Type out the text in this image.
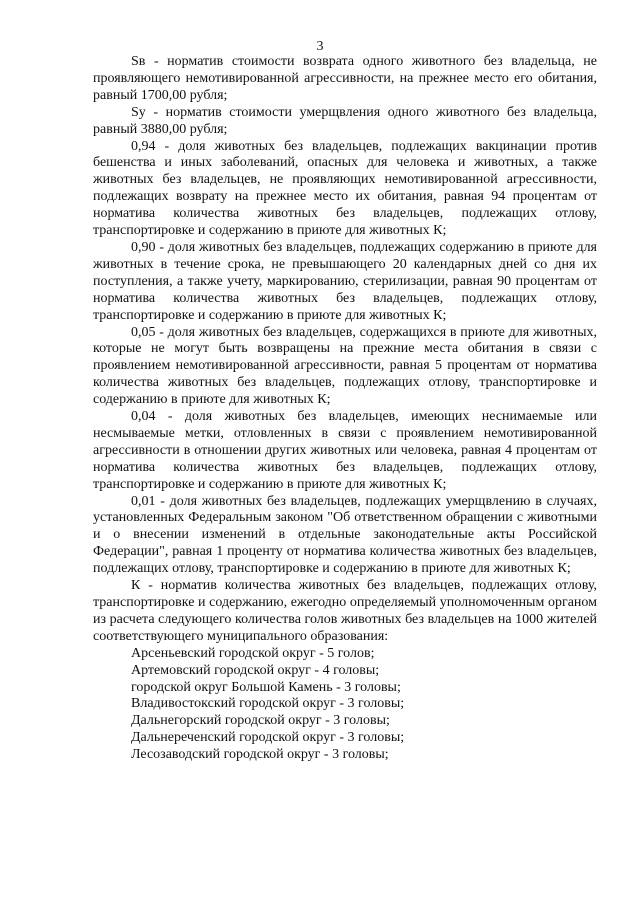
3

Sв - норматив стоимости возврата одного животного без владельца, не проявляющего немотивированной агрессивности, на прежнее место его обитания, равный 1700,00 рубля;

Sу - норматив стоимости умерщвления одного животного без владельца, равный 3880,00 рубля;

0,94 - доля животных без владельцев, подлежащих вакцинации против бешенства и иных заболеваний, опасных для человека и животных, а также животных без владельцев, не проявляющих немотивированной агрессивности, подлежащих возврату на прежнее место их обитания, равная 94 процентам от норматива количества животных без владельцев, подлежащих отлову, транспортировке и содержанию в приюте для животных К;

0,90 - доля животных без владельцев, подлежащих содержанию в приюте для животных в течение срока, не превышающего 20 календарных дней со дня их поступления, а также учету, маркированию, стерилизации, равная 90 процентам от норматива количества животных без владельцев, подлежащих отлову, транспортировке и содержанию в приюте для животных К;

0,05 - доля животных без владельцев, содержащихся в приюте для животных, которые не могут быть возвращены на прежние места обитания в связи с проявлением немотивированной агрессивности, равная 5 процентам от норматива количества животных без владельцев, подлежащих отлову, транспортировке и содержанию в приюте для животных К;

0,04 - доля животных без владельцев, имеющих неснимаемые или несмываемые метки, отловленных в связи с проявлением немотивированной агрессивности в отношении других животных или человека, равная 4 процентам от норматива количества животных без владельцев, подлежащих отлову, транспортировке и содержанию в приюте для животных К;

0,01 - доля животных без владельцев, подлежащих умерщвлению в случаях, установленных Федеральным законом "Об ответственном обращении с животными и о внесении изменений в отдельные законодательные акты Российской Федерации", равная 1 проценту от норматива количества животных без владельцев, подлежащих отлову, транспортировке и содержанию в приюте для животных К;

К - норматив количества животных без владельцев, подлежащих отлову, транспортировке и содержанию, ежегодно определяемый уполномоченным органом из расчета следующего количества голов животных без владельцев на 1000 жителей соответствующего муниципального образования:

Арсеньевский городской округ - 5 голов;

Артемовский городской округ - 4 головы;

городской округ Большой Камень - 3 головы;

Владивостокский городской округ - 3 головы;

Дальнегорский городской округ - 3 головы;

Дальнереченский городской округ - 3 головы;

Лесозаводский городской округ - 3 головы;
